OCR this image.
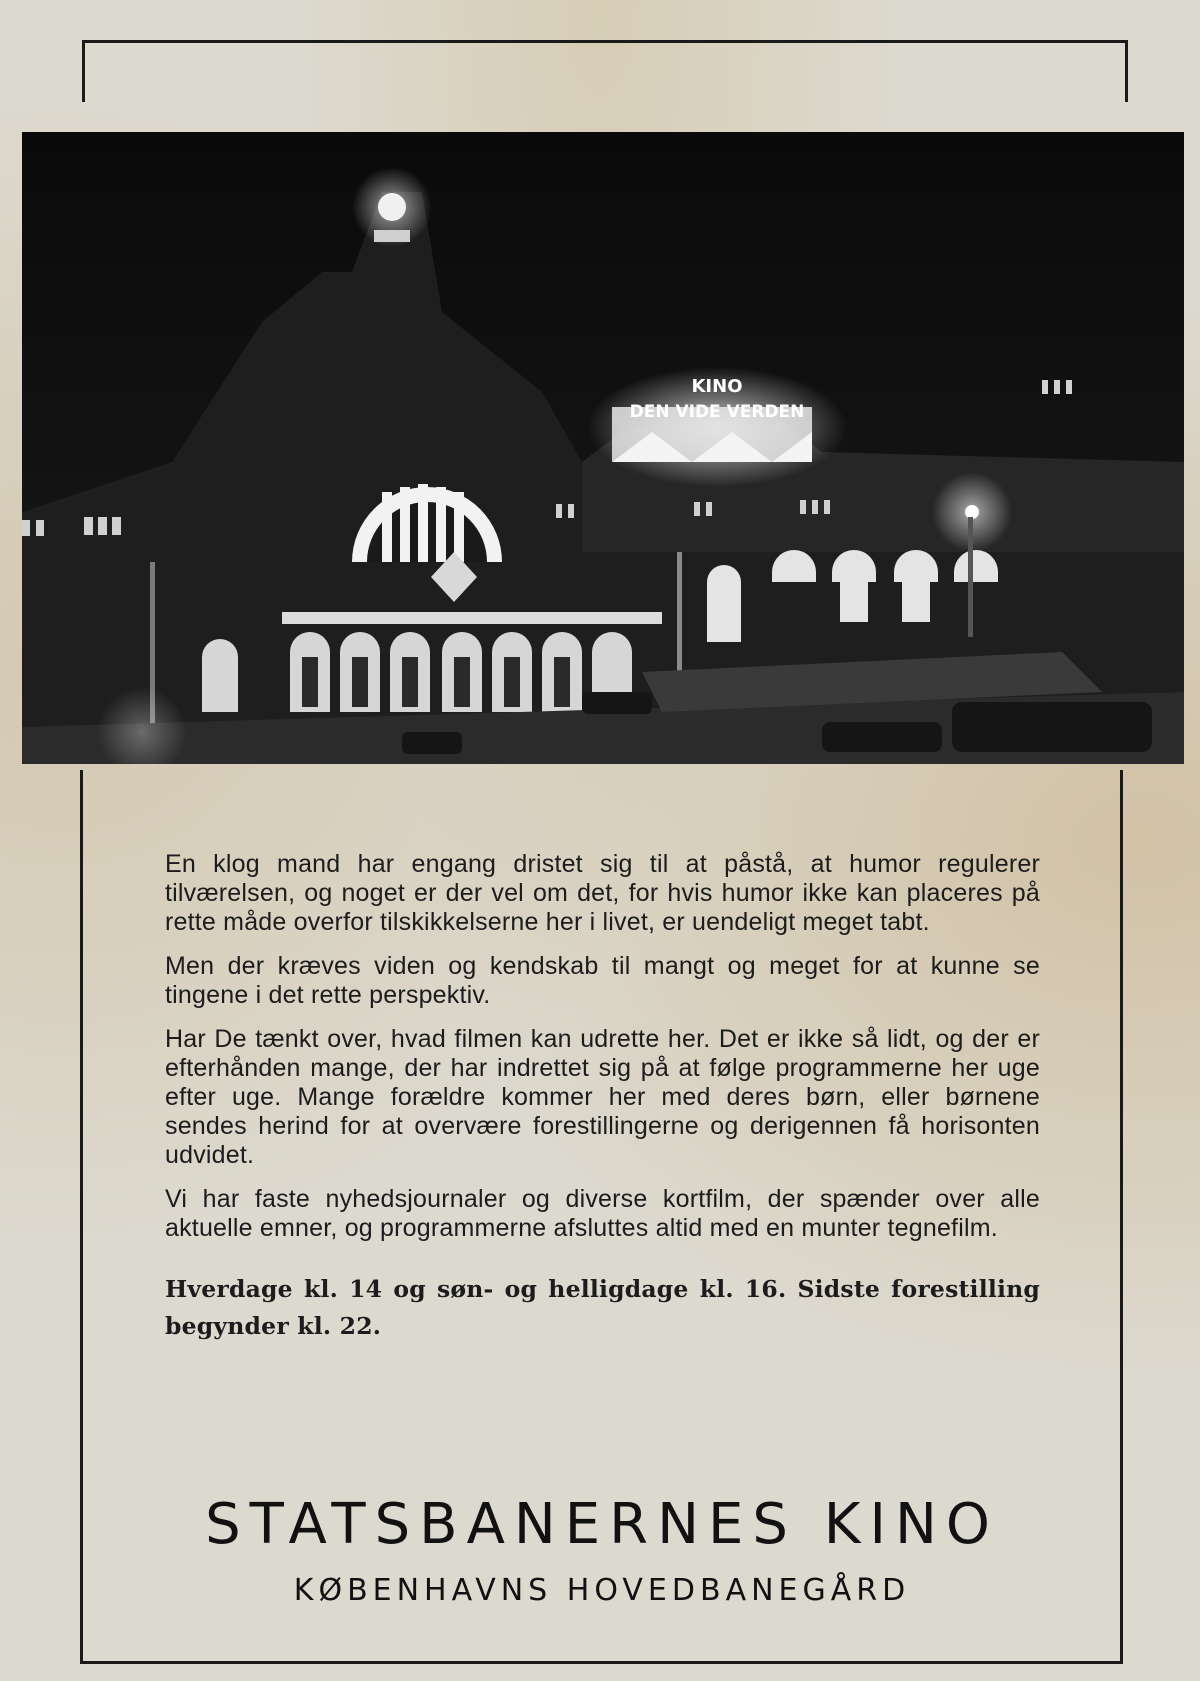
KINO
DEN VIDE VERDEN

En klog mand har engang dristet sig til at påstå, at humor regulerer tilværelsen, og noget er der vel om det, for hvis humor ikke kan placeres på rette måde overfor tilskikkelserne her i livet, er uendeligt meget tabt.

Men der kræves viden og kendskab til mangt og meget for at kunne se tingene i det rette perspektiv.

Har De tænkt over, hvad filmen kan udrette her. Det er ikke så lidt, og der er efterhånden mange, der har indrettet sig på at følge programmerne her uge efter uge. Mange forældre kommer her med deres børn, eller børnene sendes herind for at overvære forestillingerne og derigennen få horisonten udvidet.

Vi har faste nyhedsjournaler og diverse kortfilm, der spænder over alle aktuelle emner, og programmerne afsluttes altid med en munter tegnefilm.

Hverdage kl. 14 og søn- og helligdage kl. 16. Sidste forestilling begynder kl. 22.

STATSBANERNES KINO
KØBENHAVNS HOVEDBANEGÅRD
